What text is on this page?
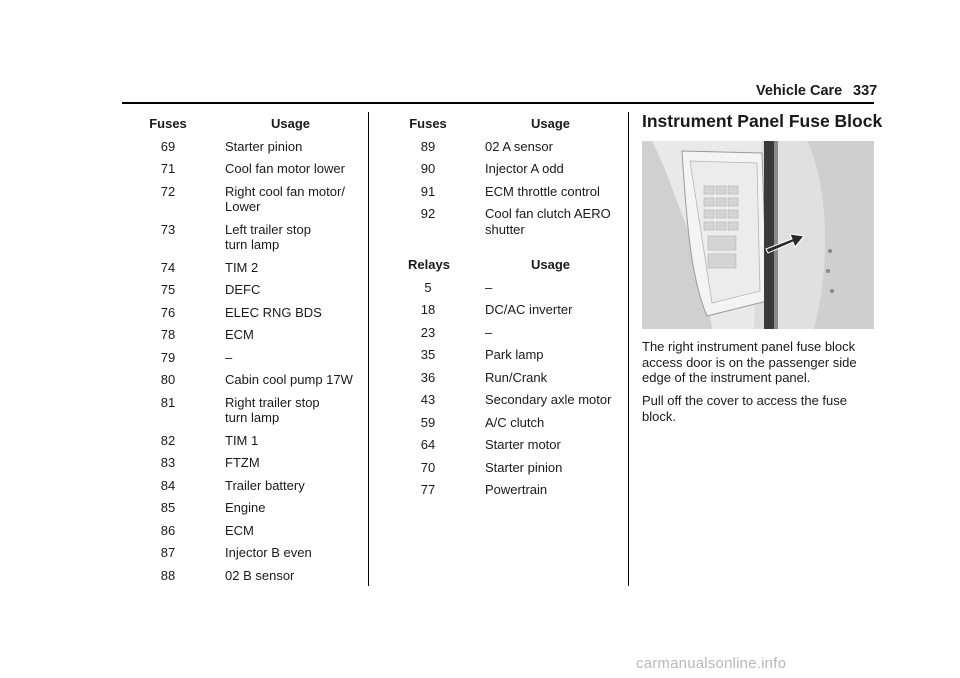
Vehicle Care 337
Fuses	Usage
69	Starter pinion
71	Cool fan motor lower
72	Right cool fan motor/
Lower
73	Left trailer stop
turn lamp
74	TIM 2
75	DEFC
76	ELEC RNG BDS
78	ECM
79	–
80	Cabin cool pump 17W
81	Right trailer stop
turn lamp
82	TIM 1
83	FTZM
84	Trailer battery
85	Engine
86	ECM
87	Injector B even
88	02 B sensor
Fuses	Usage
89	02 A sensor
90	Injector A odd
91	ECM throttle control
92	Cool fan clutch AERO
shutter
Relays	Usage
5	–
18	DC/AC inverter
23	–
35	Park lamp
36	Run/Crank
43	Secondary axle motor
59	A/C clutch
64	Starter motor
70	Starter pinion
77	Powertrain
Instrument Panel Fuse Block
The right instrument panel fuse block access door is on the passenger side edge of the instrument panel.
Pull off the cover to access the fuse block.
carmanualsonline.info
